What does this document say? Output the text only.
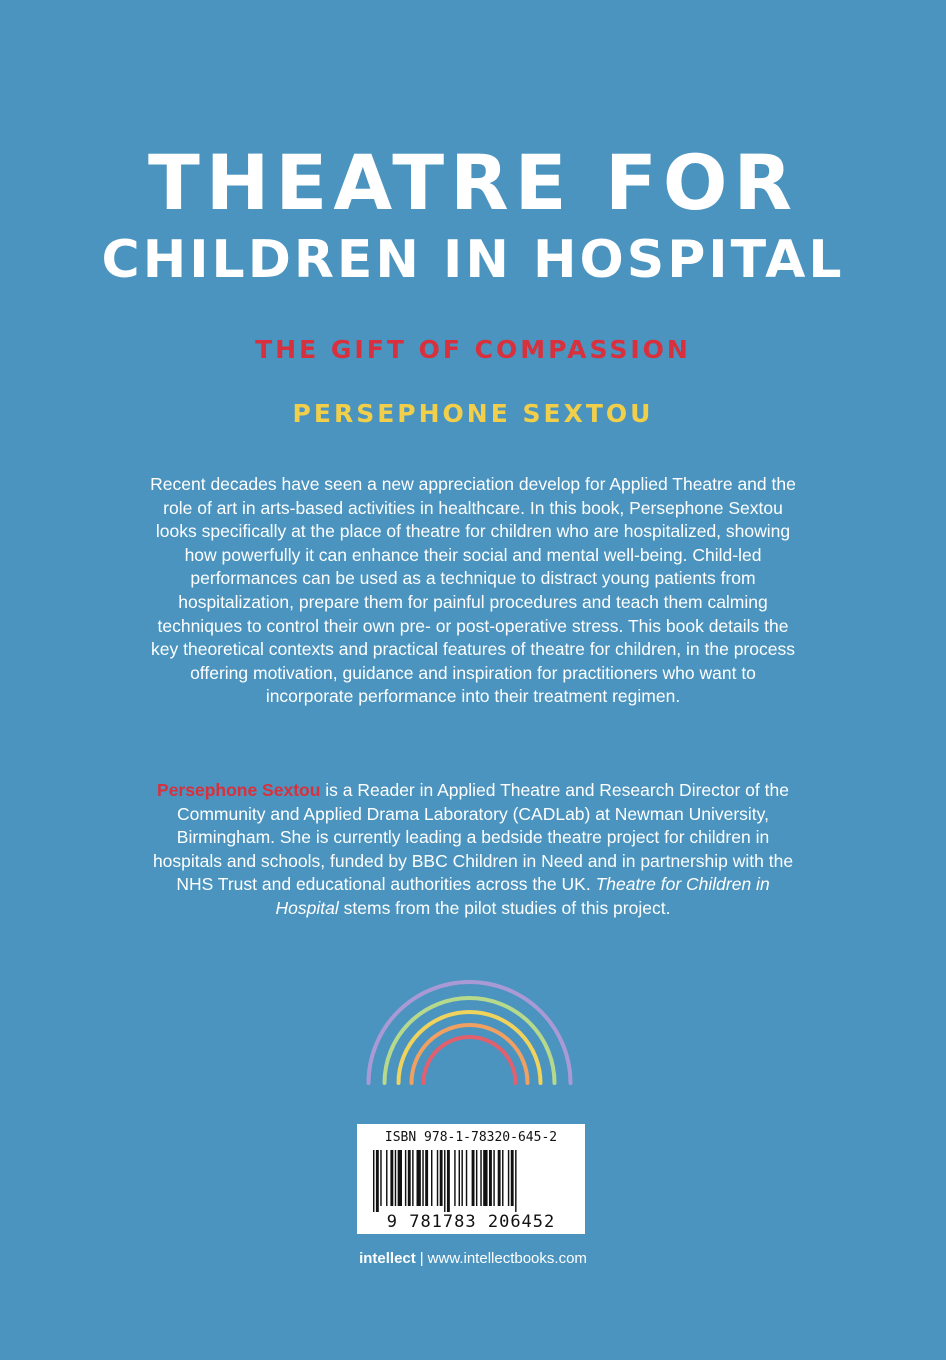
THEATRE FOR
CHILDREN IN HOSPITAL
THE GIFT OF COMPASSION
PERSEPHONE SEXTOU

Recent decades have seen a new appreciation develop for Applied Theatre and the role of art in arts-based activities in healthcare. In this book, Persephone Sextou looks specifically at the place of theatre for children who are hospitalized, showing how powerfully it can enhance their social and mental well-being. Child-led performances can be used as a technique to distract young patients from hospitalization, prepare them for painful procedures and teach them calming techniques to control their own pre- or post-operative stress. This book details the key theoretical contexts and practical features of theatre for children, in the process offering motivation, guidance and inspiration for practitioners who want to incorporate performance into their treatment regimen.

Persephone Sextou is a Reader in Applied Theatre and Research Director of the Community and Applied Drama Laboratory (CADLab) at Newman University, Birmingham. She is currently leading a bedside theatre project for children in hospitals and schools, funded by BBC Children in Need and in partnership with the NHS Trust and educational authorities across the UK. Theatre for Children in Hospital stems from the pilot studies of this project.

ISBN 978-1-78320-645-2
9 781783 206452
intellect | www.intellectbooks.com
